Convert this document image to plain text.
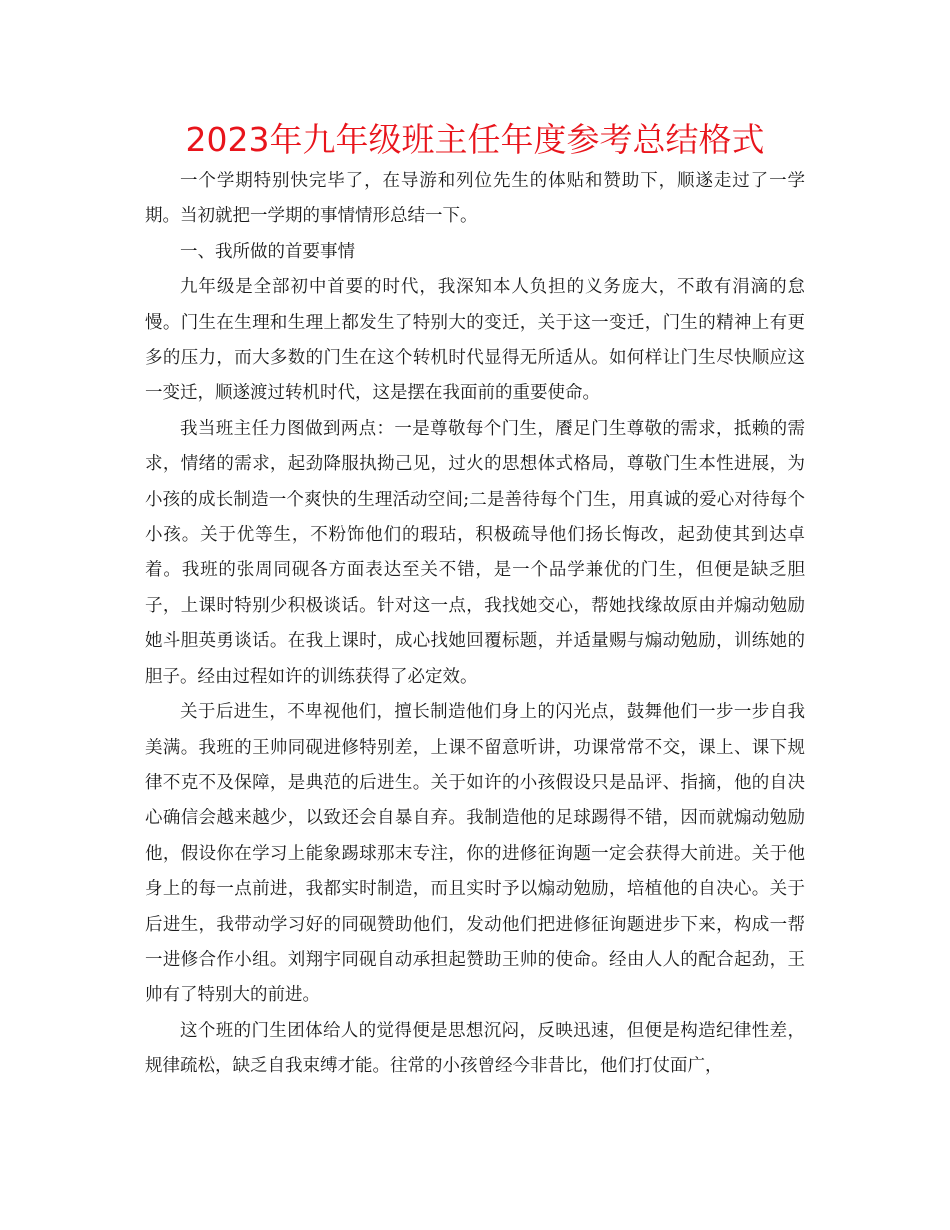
2023年九年级班主任年度参考总结格式

一个学期特别快完毕了，在导游和列位先生的体贴和赞助下，顺遂走过了一学期。当初就把一学期的事情情形总结一下。

一、我所做的首要事情

九年级是全部初中首要的时代，我深知本人负担的义务庞大，不敢有涓滴的怠慢。门生在生理和生理上都发生了特别大的变迁，关于这一变迁，门生的精神上有更多的压力，而大多数的门生在这个转机时代显得无所适从。如何样让门生尽快顺应这一变迁，顺遂渡过转机时代，这是摆在我面前的重要使命。

我当班主任力图做到两点：一是尊敬每个门生，餍足门生尊敬的需求，抵赖的需求，情绪的需求，起劲降服执拗己见，过火的思想体式格局，尊敬门生本性进展，为小孩的成长制造一个爽快的生理活动空间;二是善待每个门生，用真诚的爱心对待每个小孩。关于优等生，不粉饰他们的瑕玷，积极疏导他们扬长悔改，起劲使其到达卓着。我班的张周同砚各方面表达至关不错，是一个品学兼优的门生，但便是缺乏胆子，上课时特别少积极谈话。针对这一点，我找她交心，帮她找缘故原由并煽动勉励她斗胆英勇谈话。在我上课时，成心找她回覆标题，并适量赐与煽动勉励，训练她的胆子。经由过程如许的训练获得了必定效。

关于后进生，不卑视他们，擅长制造他们身上的闪光点，鼓舞他们一步一步自我美满。我班的王帅同砚进修特别差，上课不留意听讲，功课常常不交，课上、课下规律不克不及保障，是典范的后进生。关于如许的小孩假设只是品评、指摘，他的自决心确信会越来越少，以致还会自暴自弃。我制造他的足球踢得不错，因而就煽动勉励他，假设你在学习上能象踢球那末专注，你的进修征询题一定会获得大前进。关于他身上的每一点前进，我都实时制造，而且实时予以煽动勉励，培植他的自决心。关于后进生，我带动学习好的同砚赞助他们，发动他们把进修征询题进步下来，构成一帮一进修合作小组。刘翔宇同砚自动承担起赞助王帅的使命。经由人人的配合起劲，王帅有了特别大的前进。

这个班的门生团体给人的觉得便是思想沉闷，反映迅速，但便是构造纪律性差，规律疏松，缺乏自我束缚才能。往常的小孩曾经今非昔比，他们打仗面广，
